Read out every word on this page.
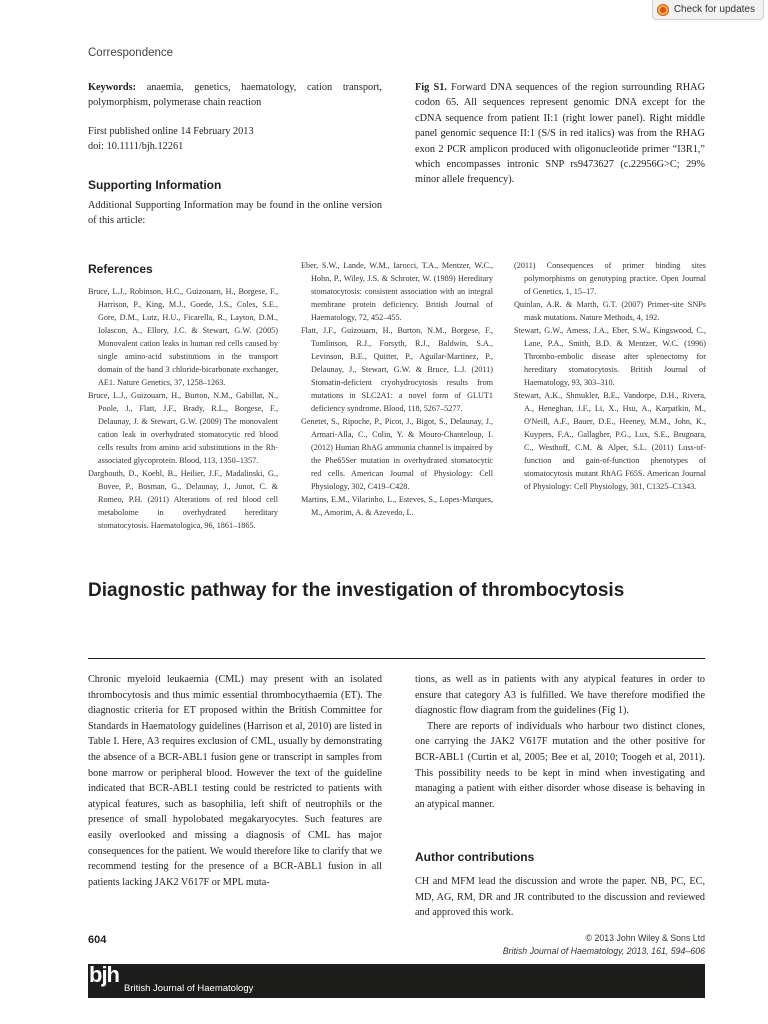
Check for updates
Correspondence

Keywords: anaemia, genetics, haematology, cation transport, polymorphism, polymerase chain reaction

First published online 14 February 2013

doi: 10.1111/bjh.12261

Supporting Information

Additional Supporting Information may be found in the online version of this article:

Fig S1. Forward DNA sequences of the region surrounding RHAG codon 65. All sequences represent genomic DNA except for the cDNA sequence from patient II:1 (right lower panel). Right middle panel genomic sequence II:1 (S/S in red italics) was from the RHAG exon 2 PCR amplicon produced with oligonucleotide primer “I3R1,” which encompasses intronic SNP rs9473627 (c.22956G>C; 29% minor allele frequency).

References

Bruce, L.J., Robinson, H.C., Guizouarn, H., Borgese, F., Harrison, P., King, M.J., Goede, J.S., Coles, S.E., Gore, D.M., Lutz, H.U., Ficarella, R., Layton, D.M., Iolascon, A., Ellory, J.C. & Stewart, G.W. (2005) Monovalent cation leaks in human red cells caused by single amino-acid substitutions in the transport domain of the band 3 chloride-bicarbonate exchanger, AE1. Nature Genetics, 37, 1258–1263.

Bruce, L.J., Guizouarn, H., Burton, N.M., Gabillat, N., Poole, J., Flatt, J.F., Brady, R.L., Borgese, F., Delaunay, J. & Stewart, G.W. (2009) The monovalent cation leak in overhydrated stomatocytic red blood cells results from amino acid substitutions in the Rh-associated glycoprotein. Blood, 113, 1350–1357.

Darghouth, D., Koehl, B., Heilier, J.F., Madalinski, G., Bovee, P., Bosman, G., Delaunay, J., Junot, C. & Romeo, P.H. (2011) Alterations of red blood cell metabolome in overhydrated hereditary stomatocytosis. Haematologica, 96, 1861–1865.

Eber, S.W., Lande, W.M., Iarocci, T.A., Mentzer, W.C., Hohn, P., Wiley, J.S. & Schroter, W. (1989) Hereditary stomatocytosis: consistent association with an integral membrane protein deficiency. British Journal of Haematology, 72, 452–455.

Flatt, J.F., Guizouarn, H., Burton, N.M., Borgese, F., Tomlinson, R.J., Forsyth, R.J., Baldwin, S.A., Levinson, B.E., Quittet, P., Aguilar-Martinez, P., Delaunay, J., Stewart, G.W. & Bruce, L.J. (2011) Stomatin-deficient cryohydrocytosis results from mutations in SLC2A1: a novel form of GLUT1 deficiency syndrome. Blood, 118, 5267–5277.

Genetet, S., Ripoche, P., Picot, J., Bigot, S., Delaunay, J., Armari-Alla, C., Colin, Y. & Mouro-Chanteloup, I. (2012) Human RhAG ammonia channel is impaired by the Phe65Ser mutation in overhydrated stomatocytic red cells. American Journal of Physiology: Cell Physiology, 302, C419–C428.

Martins, E.M., Vilarinho, L., Esteves, S., Lopes-Marques, M., Amorim, A. & Azevedo, L.

(2011) Consequences of primer binding sites polymorphisms on genotyping practice. Open Journal of Genetics, 1, 15–17.

Quinlan, A.R. & Marth, G.T. (2007) Primer-site SNPs mask mutations. Nature Methods, 4, 192.

Stewart, G.W., Amess, J.A., Eber, S.W., Kingswood, C., Lane, P.A., Smith, B.D. & Mentzer, W.C. (1996) Thrombo-embolic disease after splenectomy for hereditary stomatocytosis. British Journal of Haematology, 93, 303–310.

Stewart, A.K., Shmukler, B.E., Vandorpe, D.H., Rivera, A., Heneghan, J.F., Li, X., Hsu, A., Karpatkin, M., O'Neill, A.F., Bauer, D.E., Heeney, M.M., John, K., Kuypers, F.A., Gallagher, P.G., Lux, S.E., Brugnara, C., Westhoff, C.M. & Alper, S.L. (2011) Loss-of-function and gain-of-function phenotypes of stomatocytosis mutant RhAG F65S. American Journal of Physiology: Cell Physiology, 301, C1325–C1343.

Diagnostic pathway for the investigation of thrombocytosis

Chronic myeloid leukaemia (CML) may present with an isolated thrombocytosis and thus mimic essential thrombocythaemia (ET). The diagnostic criteria for ET proposed within the British Committee for Standards in Haematology guidelines (Harrison et al, 2010) are listed in Table I. Here, A3 requires exclusion of CML, usually by demonstrating the absence of a BCR-ABL1 fusion gene or transcript in samples from bone marrow or peripheral blood. However the text of the guideline indicated that BCR-ABL1 testing could be restricted to patients with atypical features, such as basophilia, left shift of neutrophils or the presence of small hypolobated megakaryocytes. Such features are easily overlooked and missing a diagnosis of CML has major consequences for the patient. We would therefore like to clarify that we recommend testing for the presence of a BCR-ABL1 fusion in all patients lacking JAK2 V617F or MPL muta-

tions, as well as in patients with any atypical features in order to ensure that category A3 is fulfilled. We have therefore modified the diagnostic flow diagram from the guidelines (Fig 1).

There are reports of individuals who harbour two distinct clones, one carrying the JAK2 V617F mutation and the other positive for BCR-ABL1 (Curtin et al, 2005; Bee et al, 2010; Toogeh et al, 2011). This possibility needs to be kept in mind when investigating and managing a patient with either disorder whose disease is behaving in an atypical manner.

Author contributions

CH and MFM lead the discussion and wrote the paper. NB, PC, EC, MD, AG, RM, DR and JR contributed to the discussion and reviewed and approved this work.

604	© 2013 John Wiley & Sons Ltd
British Journal of Haematology, 2013, 161, 594–606
bjh
British Journal of Haematology
